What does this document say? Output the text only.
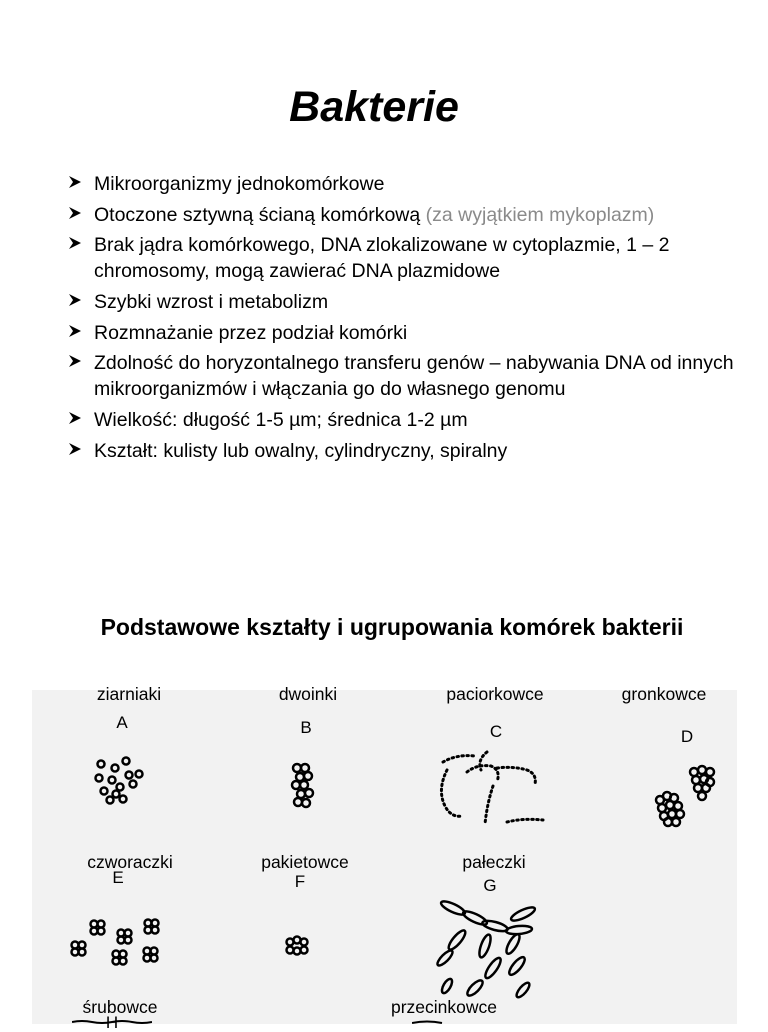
Bakterie
Mikroorganizmy jednokomórkowe
Otoczone sztywną ścianą komórkową (za wyjątkiem mykoplazm)
Brak jądra komórkowego, DNA zlokalizowane w cytoplazmie, 1 – 2 chromosomy, mogą zawierać DNA plazmidowe
Szybki wzrost i metabolizm
Rozmnażanie przez podział komórki
Zdolność do horyzontalnego transferu genów – nabywania DNA od innych mikroorganizmów i włączania go do własnego genomu
Wielkość: długość 1-5 µm; średnica 1-2 µm
Kształt: kulisty lub owalny, cylindryczny, spiralny
Podstawowe kształty i ugrupowania komórek bakterii
ziarniaki
A
dwoinki
B
paciorkowce
C
gronkowce
D
czworaczki
E
pakietowce
F
pałeczki
G
śrubowce
H
przecinkowce
